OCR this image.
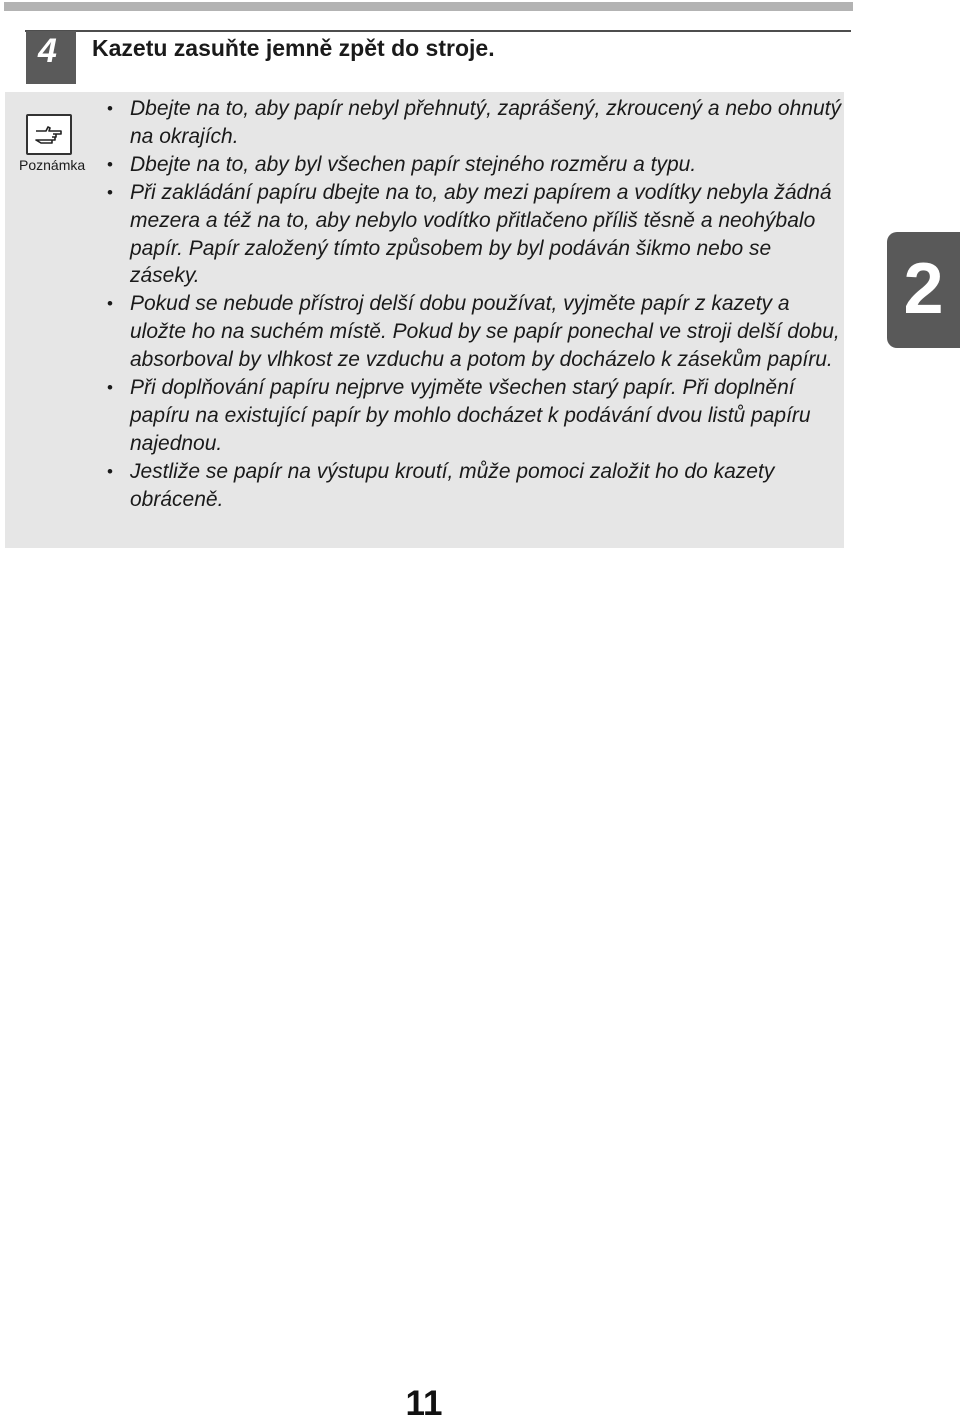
4	Kazetu zasuňte jemně zpět do stroje.
Poznámka
• Dbejte na to, aby papír nebyl přehnutý, zaprášený, zkroucený a nebo ohnutý na okrajích.
• Dbejte na to, aby byl všechen papír stejného rozměru a typu.
• Při zakládání papíru dbejte na to, aby mezi papírem a vodítky nebyla žádná mezera a též na to, aby nebylo vodítko přitlačeno příliš těsně a neohýbalo papír. Papír založený tímto způsobem by byl podáván šikmo nebo se záseky.
• Pokud se nebude přístroj delší dobu používat, vyjměte papír z kazety a uložte ho na suchém místě. Pokud by se papír ponechal ve stroji delší dobu, absorboval by vlhkost ze vzduchu a potom by docházelo k zásekům papíru.
• Při doplňování papíru nejprve vyjměte všechen starý papír. Při doplnění papíru na existující papír by mohlo docházet k podávání dvou listů papíru najednou.
• Jestliže se papír na výstupu kroutí, může pomoci založit ho do kazety obráceně.
2
11
